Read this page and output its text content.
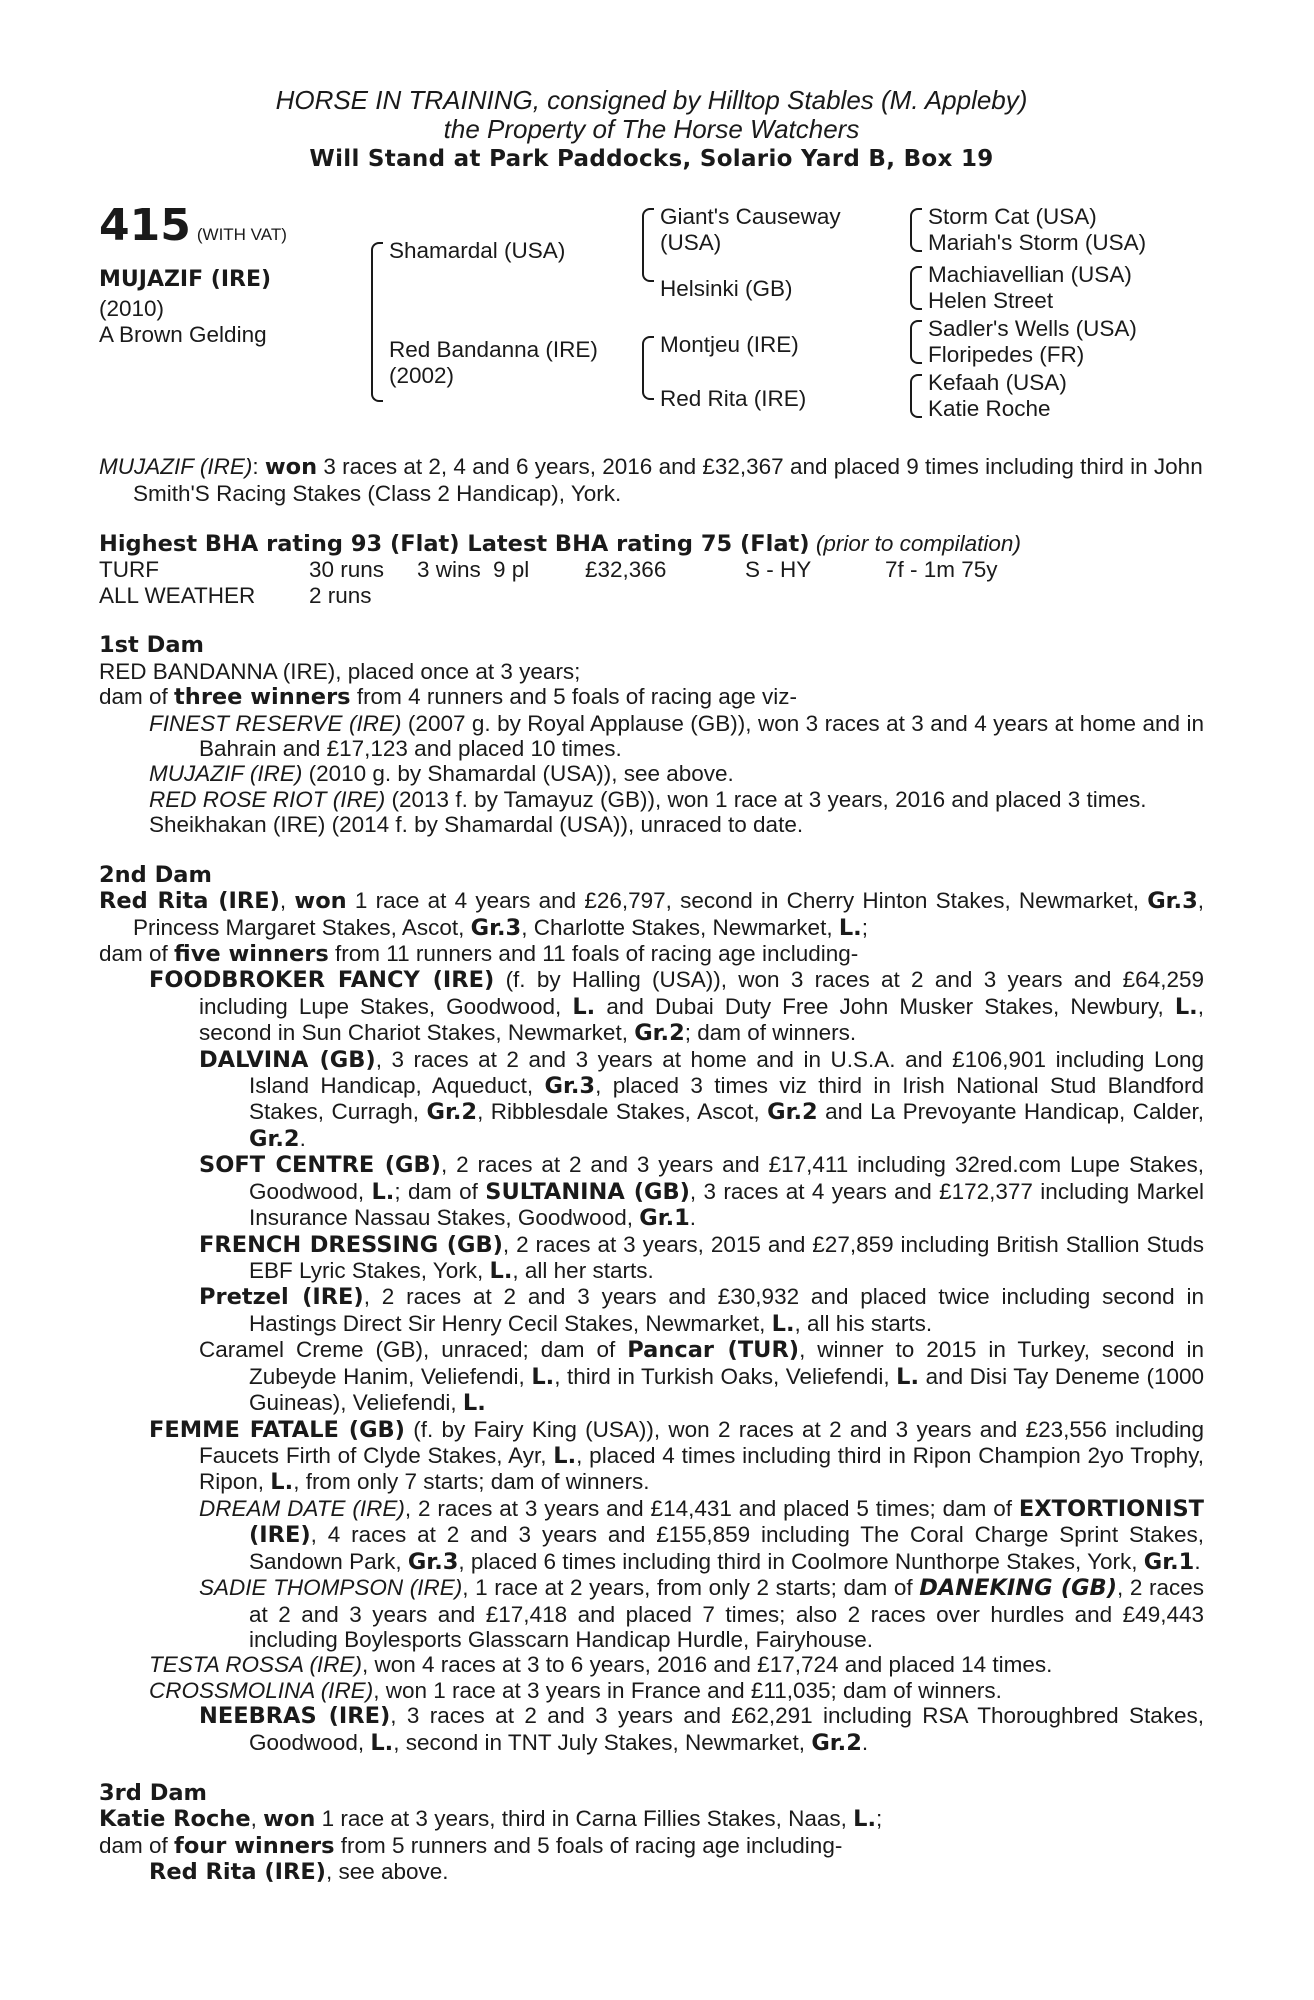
HORSE IN TRAINING, consigned by Hilltop Stables (M. Appleby)
the Property of The Horse Watchers
Will Stand at Park Paddocks, Solario Yard B, Box 19
415 (WITH VAT)
MUJAZIF (IRE)
(2010)
A Brown Gelding
Shamardal (USA)
Red Bandanna (IRE)
(2002)
Giant's Causeway
(USA)
Helsinki (GB)
Montjeu (IRE)
Red Rita (IRE)
Storm Cat (USA)
Mariah's Storm (USA)
Machiavellian (USA)
Helen Street
Sadler's Wells (USA)
Floripedes (FR)
Kefaah (USA)
Katie Roche

MUJAZIF (IRE): won 3 races at 2, 4 and 6 years, 2016 and £32,367 and placed 9 times including third in John Smith'S Racing Stakes (Class 2 Handicap), York.

Highest BHA rating 93 (Flat) Latest BHA rating 75 (Flat) (prior to compilation)
TURF	30 runs	3 wins 9 pl	£32,366	S - HY	7f - 1m 75y
ALL WEATHER	2 runs
1st Dam

RED BANDANNA (IRE), placed once at 3 years;

dam of three winners from 4 runners and 5 foals of racing age viz-

FINEST RESERVE (IRE) (2007 g. by Royal Applause (GB)), won 3 races at 3 and 4 years at home and in Bahrain and £17,123 and placed 10 times.

MUJAZIF (IRE) (2010 g. by Shamardal (USA)), see above.

RED ROSE RIOT (IRE) (2013 f. by Tamayuz (GB)), won 1 race at 3 years, 2016 and placed 3 times.

Sheikhakan (IRE) (2014 f. by Shamardal (USA)), unraced to date.

2nd Dam

Red Rita (IRE), won 1 race at 4 years and £26,797, second in Cherry Hinton Stakes, Newmarket, Gr.3, Princess Margaret Stakes, Ascot, Gr.3, Charlotte Stakes, Newmarket, L.;

dam of five winners from 11 runners and 11 foals of racing age including-

FOODBROKER FANCY (IRE) (f. by Halling (USA)), won 3 races at 2 and 3 years and £64,259 including Lupe Stakes, Goodwood, L. and Dubai Duty Free John Musker Stakes, Newbury, L., second in Sun Chariot Stakes, Newmarket, Gr.2; dam of winners.

DALVINA (GB), 3 races at 2 and 3 years at home and in U.S.A. and £106,901 including Long Island Handicap, Aqueduct, Gr.3, placed 3 times viz third in Irish National Stud Blandford Stakes, Curragh, Gr.2, Ribblesdale Stakes, Ascot, Gr.2 and La Prevoyante Handicap, Calder, Gr.2.

SOFT CENTRE (GB), 2 races at 2 and 3 years and £17,411 including 32red.com Lupe Stakes, Goodwood, L.; dam of SULTANINA (GB), 3 races at 4 years and £172,377 including Markel Insurance Nassau Stakes, Goodwood, Gr.1.

FRENCH DRESSING (GB), 2 races at 3 years, 2015 and £27,859 including British Stallion Studs EBF Lyric Stakes, York, L., all her starts.

Pretzel (IRE), 2 races at 2 and 3 years and £30,932 and placed twice including second in Hastings Direct Sir Henry Cecil Stakes, Newmarket, L., all his starts.

Caramel Creme (GB), unraced; dam of Pancar (TUR), winner to 2015 in Turkey, second in Zubeyde Hanim, Veliefendi, L., third in Turkish Oaks, Veliefendi, L. and Disi Tay Deneme (1000 Guineas), Veliefendi, L.

FEMME FATALE (GB) (f. by Fairy King (USA)), won 2 races at 2 and 3 years and £23,556 including Faucets Firth of Clyde Stakes, Ayr, L., placed 4 times including third in Ripon Champion 2yo Trophy, Ripon, L., from only 7 starts; dam of winners.

DREAM DATE (IRE), 2 races at 3 years and £14,431 and placed 5 times; dam of EXTORTIONIST (IRE), 4 races at 2 and 3 years and £155,859 including The Coral Charge Sprint Stakes, Sandown Park, Gr.3, placed 6 times including third in Coolmore Nunthorpe Stakes, York, Gr.1.

SADIE THOMPSON (IRE), 1 race at 2 years, from only 2 starts; dam of DANEKING (GB), 2 races at 2 and 3 years and £17,418 and placed 7 times; also 2 races over hurdles and £49,443 including Boylesports Glasscarn Handicap Hurdle, Fairyhouse.

TESTA ROSSA (IRE), won 4 races at 3 to 6 years, 2016 and £17,724 and placed 14 times.

CROSSMOLINA (IRE), won 1 race at 3 years in France and £11,035; dam of winners.

NEEBRAS (IRE), 3 races at 2 and 3 years and £62,291 including RSA Thoroughbred Stakes, Goodwood, L., second in TNT July Stakes, Newmarket, Gr.2.

3rd Dam

Katie Roche, won 1 race at 3 years, third in Carna Fillies Stakes, Naas, L.;

dam of four winners from 5 runners and 5 foals of racing age including-

Red Rita (IRE), see above.
